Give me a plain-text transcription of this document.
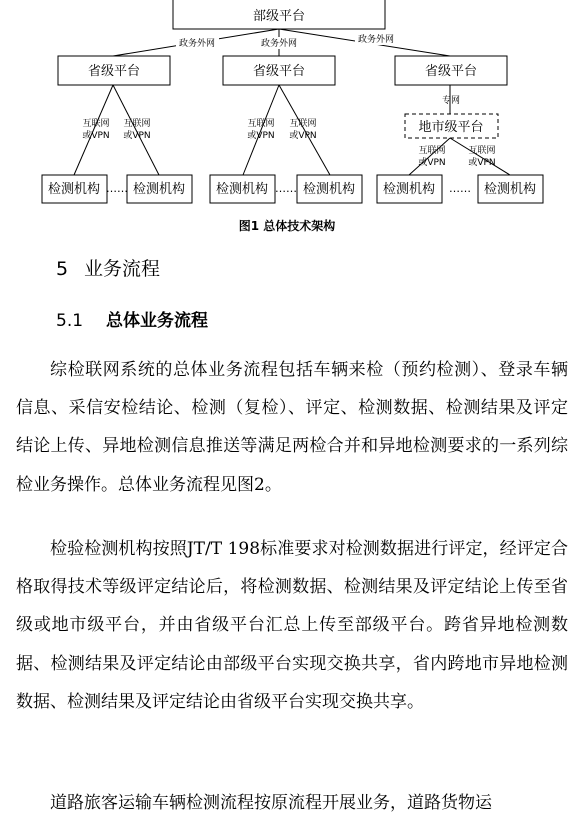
部级平台
省级平台	省级平台	省级平台
地市级平台
检测机构	检测机构 检测机构	检测机构 检测机构	检测机构
政务外网	政务外网	政务外网
专网
互联网
或VPN
互联网
或VPN
互联网
或VPN
互联网
或VPN
互联网
或VPN
互联网
或VPN
……	……	……
图1 总体技术架构
5 业务流程
5.1 总体业务流程
综检联网系统的总体业务流程包括车辆来检（预约检测）、登录车辆信息、采信安检结论、检测（复检）、评定、检测数据、检测结果及评定结论上传、异地检测信息推送等满足两检合并和异地检测要求的一系列综检业务操作。总体业务流程见图2。
检验检测机构按照JT/T 198标准要求对检测数据进行评定，经评定合格取得技术等级评定结论后，将检测数据、检测结果及评定结论上传至省级或地市级平台，并由省级平台汇总上传至部级平台。跨省异地检测数据、检测结果及评定结论由部级平台实现交换共享，省内跨地市异地检测数据、检测结果及评定结论由省级平台实现交换共享。
道路旅客运输车辆检测流程按原流程开展业务，道路货物运
